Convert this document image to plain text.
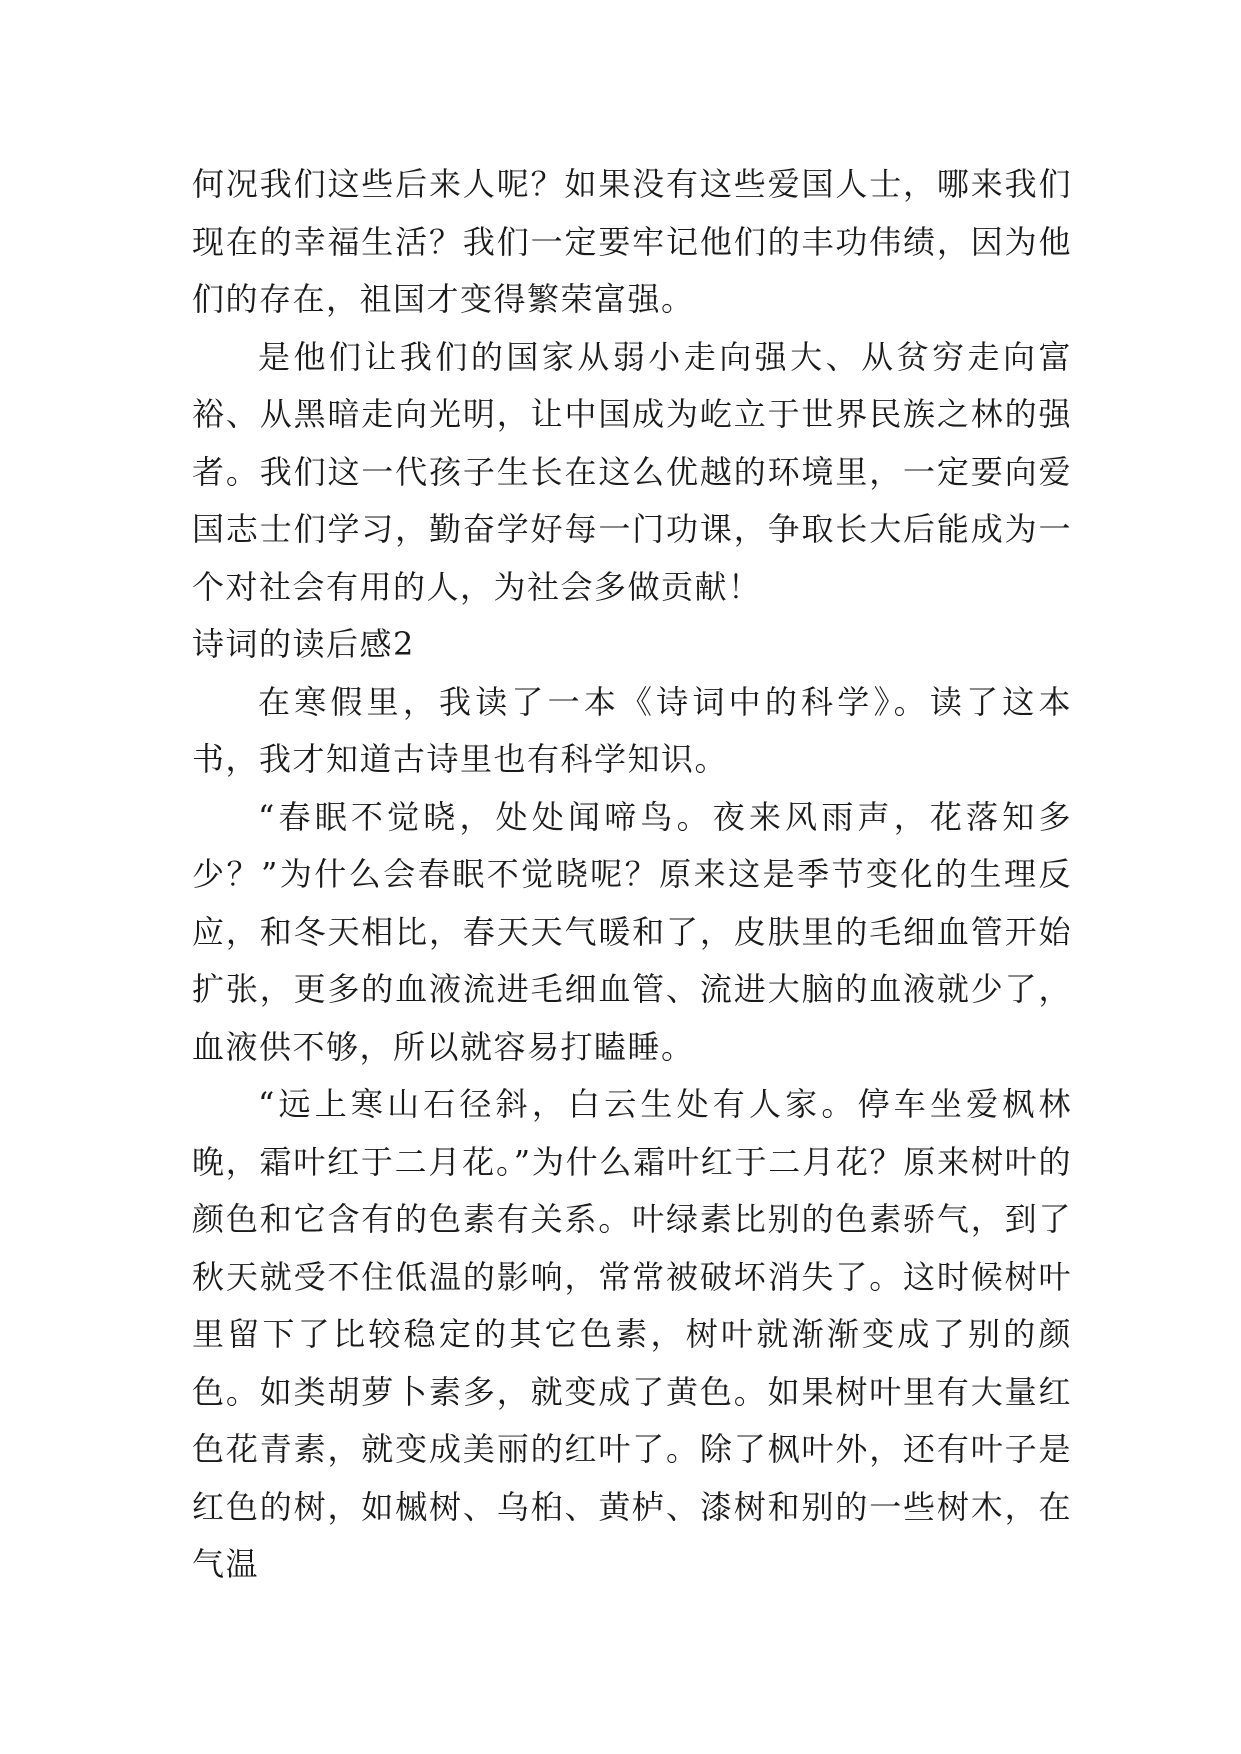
何况我们这些后来人呢？如果没有这些爱国人士，哪来我们现在的幸福生活？我们一定要牢记他们的丰功伟绩，因为他们的存在，祖国才变得繁荣富强。

是他们让我们的国家从弱小走向强大、从贫穷走向富裕、从黑暗走向光明，让中国成为屹立于世界民族之林的强者。我们这一代孩子生长在这么优越的环境里，一定要向爱国志士们学习，勤奋学好每一门功课，争取长大后能成为一个对社会有用的人，为社会多做贡献！

诗词的读后感2

在寒假里，我读了一本《诗词中的科学》。读了这本书，我才知道古诗里也有科学知识。

“春眠不觉晓，处处闻啼鸟。夜来风雨声，花落知多少？”为什么会春眠不觉晓呢？原来这是季节变化的生理反应，和冬天相比，春天天气暖和了，皮肤里的毛细血管开始扩张，更多的血液流进毛细血管、流进大脑的血液就少了，血液供不够，所以就容易打瞌睡。

“远上寒山石径斜，白云生处有人家。停车坐爱枫林晚，霜叶红于二月花。”为什么霜叶红于二月花？原来树叶的颜色和它含有的色素有关系。叶绿素比别的色素骄气，到了秋天就受不住低温的影响，常常被破坏消失了。这时候树叶里留下了比较稳定的其它色素，树叶就渐渐变成了别的颜色。如类胡萝卜素多，就变成了黄色。如果树叶里有大量红色花青素，就变成美丽的红叶了。除了枫叶外，还有叶子是红色的树，如槭树、乌桕、黄栌、漆树和别的一些树木，在气温
